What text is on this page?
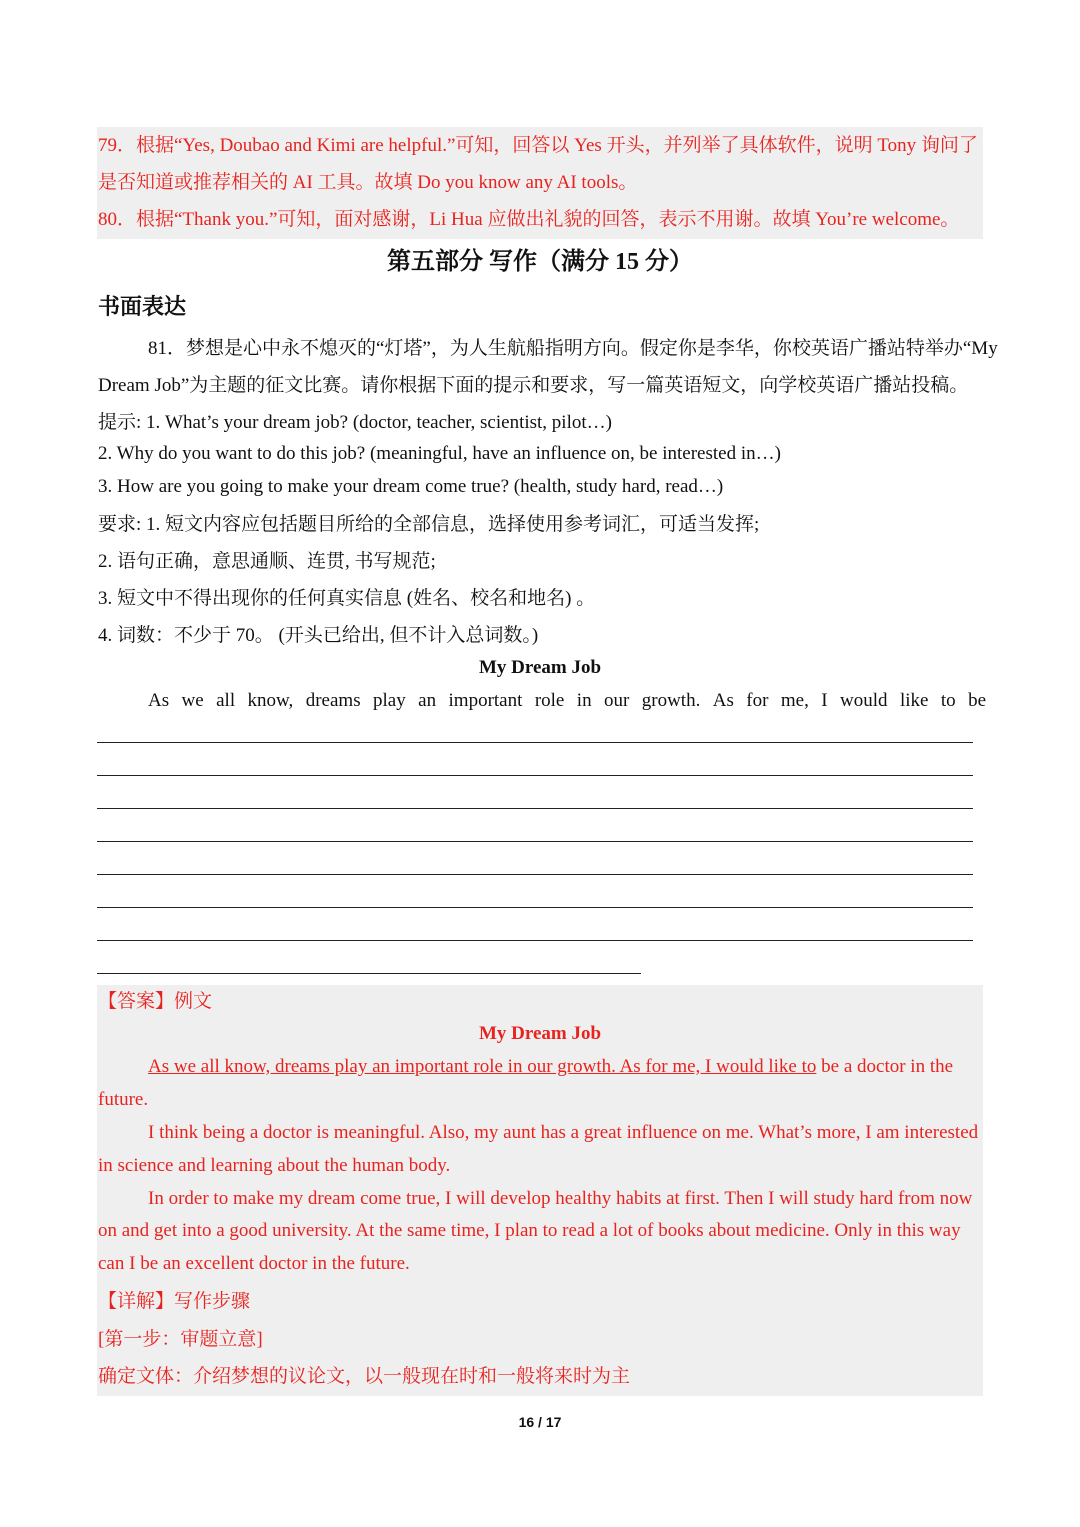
79．根据“Yes, Doubao and Kimi are helpful.”可知，回答以 Yes 开头，并列举了具体软件，说明 Tony 询问了
是否知道或推荐相关的 AI 工具。故填 Do you know any AI tools。
80．根据“Thank you.”可知，面对感谢，Li Hua 应做出礼貌的回答，表示不用谢。故填 You’re welcome。
第五部分 写作（满分 15 分）
书面表达
81．梦想是心中永不熄灭的“灯塔”，为人生航船指明方向。假定你是李华，你校英语广播站特举办“My
Dream Job”为主题的征文比赛。请你根据下面的提示和要求，写一篇英语短文，向学校英语广播站投稿。
提示: 1. What’s your dream job? (doctor, teacher, scientist, pilot…)
2. Why do you want to do this job? (meaningful, have an influence on, be interested in…)
3. How are you going to make your dream come true? (health, study hard, read…)
要求: 1. 短文内容应包括题目所给的全部信息，选择使用参考词汇，可适当发挥;
2. 语句正确，意思通顺、连贯, 书写规范;
3. 短文中不得出现你的任何真实信息 (姓名、校名和地名) 。
4. 词数：不少于 70。 (开头已给出, 但不计入总词数。)
My Dream Job
As we all know, dreams play an important role in our growth. As for me, I would like to be
【答案】例文
My Dream Job
As we all know, dreams play an important role in our growth. As for me, I would like to be a doctor in the
future.
I think being a doctor is meaningful. Also, my aunt has a great influence on me. What’s more, I am interested
in science and learning about the human body.
In order to make my dream come true, I will develop healthy habits at first. Then I will study hard from now
on and get into a good university. At the same time, I plan to read a lot of books about medicine. Only in this way
can I be an excellent doctor in the future.
【详解】写作步骤
[第一步：审题立意]
确定文体：介绍梦想的议论文，以一般现在时和一般将来时为主
16 / 17
